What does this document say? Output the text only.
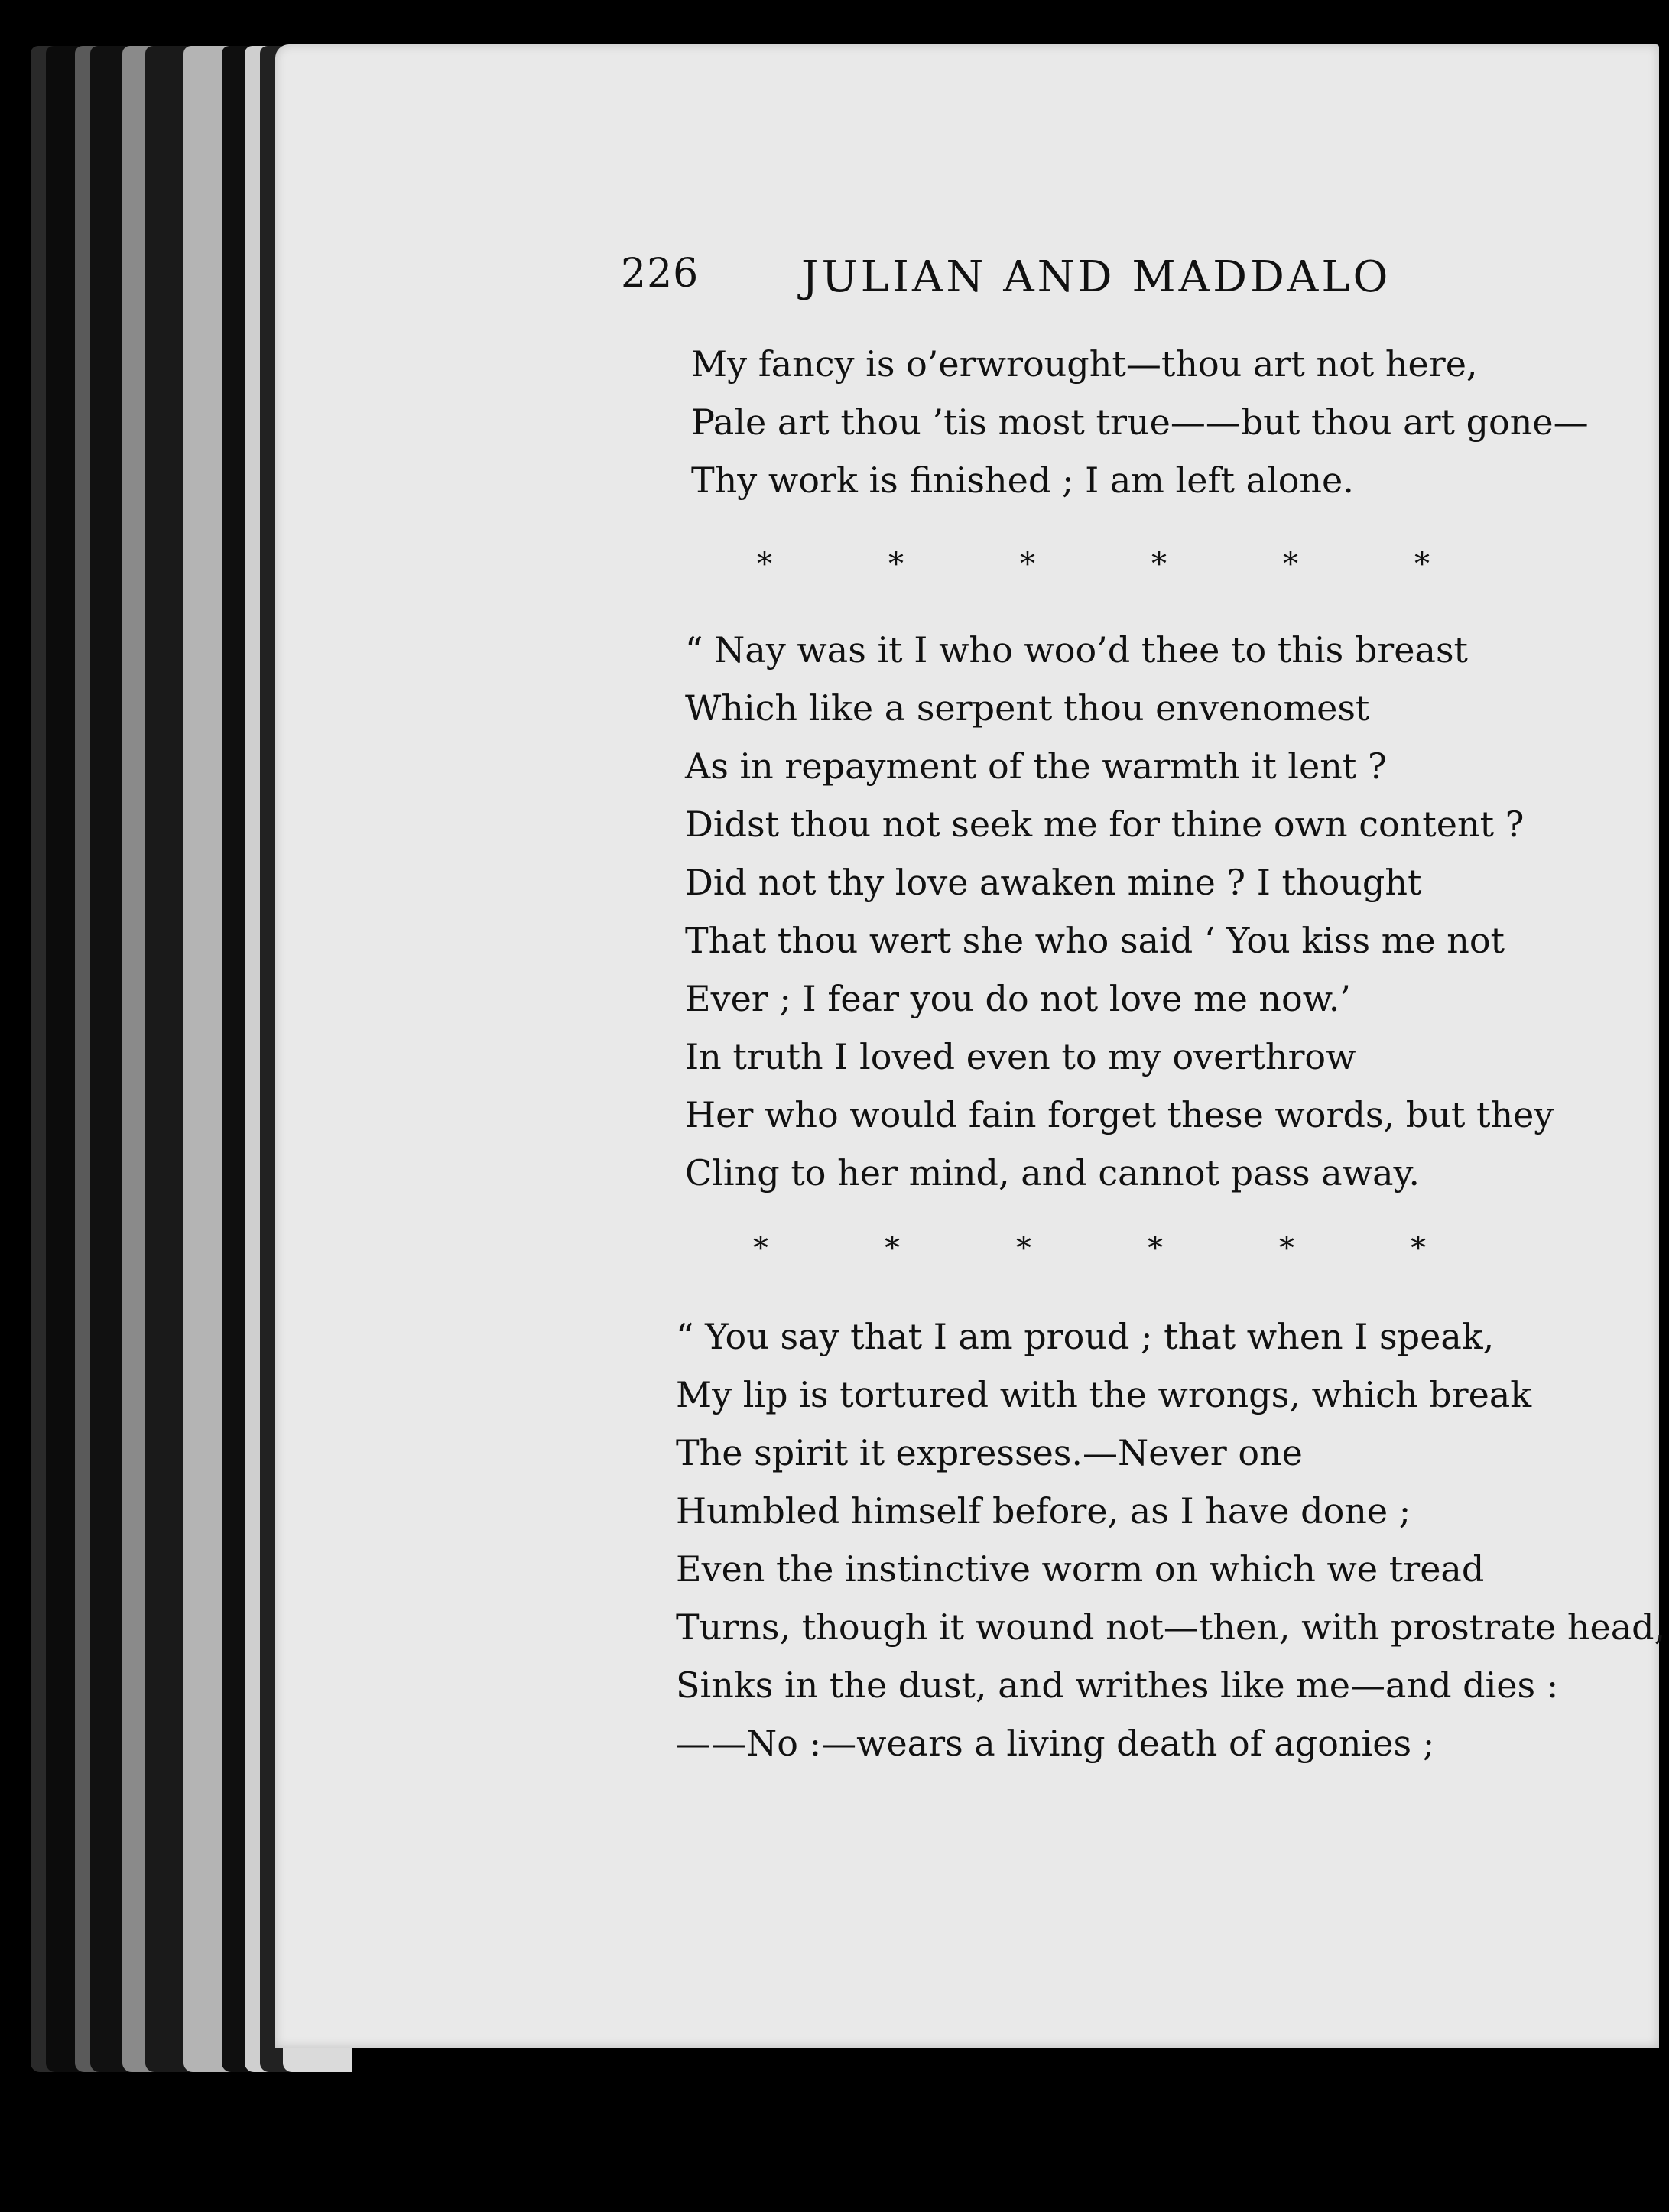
226 JULIAN AND MADDALO
My fancy is o’erwrought—thou art not here,
Pale art thou ’tis most true——but thou art gone—
Thy work is finished ; I am left alone.
*	*	*	*	*	*
“ Nay was it I who woo’d thee to this breast
Which like a serpent thou envenomest
As in repayment of the warmth it lent ?
Didst thou not seek me for thine own content ?
Did not thy love awaken mine ? I thought
That thou wert she who said ‘ You kiss me not
Ever ; I fear you do not love me now.’
In truth I loved even to my overthrow
Her who would fain forget these words, but they
Cling to her mind, and cannot pass away.
*	*	*	*	*	*
“ You say that I am proud ; that when I speak,
My lip is tortured with the wrongs, which break
The spirit it expresses.—Never one
Humbled himself before, as I have done ;
Even the instinctive worm on which we tread
Turns, though it wound not—then, with prostrate head,
Sinks in the dust, and writhes like me—and dies :
——No :—wears a living death of agonies ;
